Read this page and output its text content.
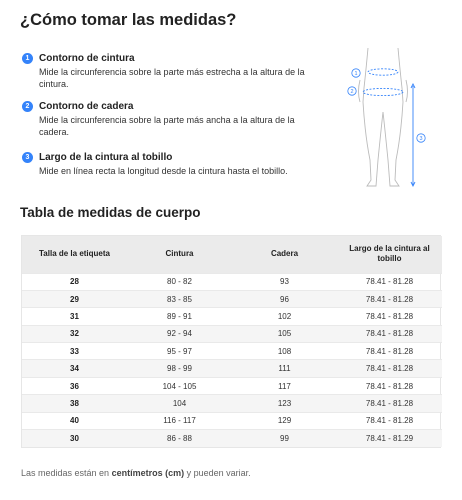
¿Cómo tomar las medidas?
1 Contorno de cintura
Mide la circunferencia sobre la parte más estrecha a la altura de la cintura.
2 Contorno de cadera
Mide la circunferencia sobre la parte más ancha a la altura de la cadera.
3 Largo de la cintura al tobillo
Mide en línea recta la longitud desde la cintura hasta el tobillo.
1
2
3
Tabla de medidas de cuerpo
Talla de la etiqueta	Cintura	Cadera	Largo de la cintura al tobillo
28	80 - 82	93	78.41 - 81.28
29	83 - 85	96	78.41 - 81.28
31	89 - 91	102	78.41 - 81.28
32	92 - 94	105	78.41 - 81.28
33	95 - 97	108	78.41 - 81.28
34	98 - 99	111	78.41 - 81.28
36	104 - 105	117	78.41 - 81.28
38	104	123	78.41 - 81.28
40	116 - 117	129	78.41 - 81.28
30	86 - 88	99	78.41 - 81.29
Las medidas están en centímetros (cm) y pueden variar.
